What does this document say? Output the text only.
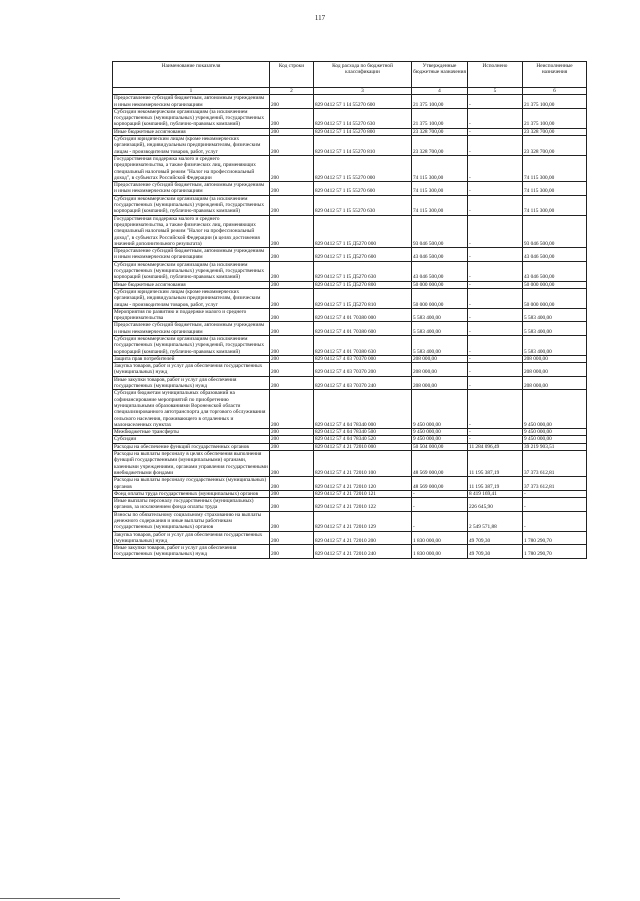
117
Наименование показателя	Код строки	Код расхода по бюджетной классификации	Утвержденные бюджетные назначения	Исполнено	Неисполненные назначения
1	2	3	4	5	6
Предоставление субсидий бюджетным, автономным учреждениям и иным некоммерческим организациям	200	829 0412 57 1 I4 55270 600	21 375 100,00	-	21 375 100,00
Субсидии некоммерческим организациям (за исключением государственных (муниципальных) учреждений, государственных корпораций (компаний), публично-правовых компаний)	200	829 0412 57 1 I4 55270 630	21 375 100,00	-	21 375 100,00
Иные бюджетные ассигнования	200	829 0412 57 1 I4 55270 800	23 328 700,00	-	23 328 700,00
Субсидии юридическим лицам (кроме некоммерческих организаций), индивидуальным предпринимателям, физическим лицам - производителям товаров, работ, услуг	200	829 0412 57 1 I4 55270 810	23 328 700,00	-	23 328 700,00
Государственная поддержка малого и среднего предпринимательства, а также физических лиц, применяющих специальный налоговый режим "Налог на профессиональный доход", в субъектах Российской Федерации	200	829 0412 57 1 I5 55270 000	74 115 300,00	-	74 115 300,00
Предоставление субсидий бюджетным, автономным учреждениям и иным некоммерческим организациям	200	829 0412 57 1 I5 55270 600	74 115 300,00	-	74 115 300,00
Субсидии некоммерческим организациям (за исключением государственных (муниципальных) учреждений, государственных корпораций (компаний), публично-правовых компаний)	200	829 0412 57 1 I5 55270 630	74 115 300,00	-	74 115 300,00
Государственная поддержка малого и среднего предпринимательства, а также физических лиц, применяющих специальный налоговый режим "Налог на профессиональный доход", в субъектах Российской Федерации (в целях достижения значений дополнительного результата)	200	829 0412 57 1 I5 Д5270 000	93 046 500,00	-	93 046 500,00
Предоставление субсидий бюджетным, автономным учреждениям и иным некоммерческим организациям	200	829 0412 57 1 I5 Д5270 600	43 046 500,00	-	43 046 500,00
Субсидии некоммерческим организациям (за исключением государственных (муниципальных) учреждений, государственных корпораций (компаний), публично-правовых компаний)	200	829 0412 57 1 I5 Д5270 630	43 046 500,00	-	43 046 500,00
Иные бюджетные ассигнования	200	829 0412 57 1 I5 Д5270 800	50 000 000,00	-	50 000 000,00
Субсидии юридическим лицам (кроме некоммерческих организаций), индивидуальным предпринимателям, физическим лицам - производителям товаров, работ, услуг	200	829 0412 57 1 I5 Д5270 810	50 000 000,00	-	50 000 000,00
Мероприятия по развитию и поддержке малого и среднего предпринимательства	200	829 0412 57 4 01 70380 000	5 583 400,00	-	5 583 400,00
Предоставление субсидий бюджетным, автономным учреждениям и иным некоммерческим организациям	200	829 0412 57 4 01 70380 600	5 583 400,00	-	5 583 400,00
Субсидии некоммерческим организациям (за исключением государственных (муниципальных) учреждений, государственных корпораций (компаний), публично-правовых компаний)	200	829 0412 57 4 01 70380 630	5 583 400,00	-	5 583 400,00
Защита прав потребителей	200	829 0412 57 4 03 70370 000	208 000,00	-	208 000,00
Закупка товаров, работ и услуг для обеспечения государственных (муниципальных) нужд	200	829 0412 57 4 03 70370 200	208 000,00	-	208 000,00
Иные закупки товаров, работ и услуг для обеспечения государственных (муниципальных) нужд	200	829 0412 57 4 03 70370 240	208 000,00	-	208 000,00
Субсидии бюджетам муниципальных образований на софинансирование мероприятий по приобретению муниципальными образованиями Воронежской области специализированного автотранспорта для торгового обслуживания сельского населения, проживающего в отдаленных и малонаселенных пунктах	200	829 0412 57 4 04 78340 000	9 450 000,00	-	9 450 000,00
Межбюджетные трансферты	200	829 0412 57 4 04 78340 500	9 450 000,00	-	9 450 000,00
Субсидии	200	829 0412 57 4 04 78340 520	9 450 000,00	-	9 450 000,00
Расходы на обеспечение функций государственных органов	200	829 0412 57 4 21 72010 000	50 504 000,00	11 284 096,49	39 219 903,51
Расходы на выплаты персоналу в целях обеспечения выполнения функций государственными (муниципальными) органами, казенными учреждениями, органами управления государственными внебюджетными фондами	200	829 0412 57 4 21 72010 100	48 569 000,00	11 195 387,19	37 373 612,81
Расходы на выплаты персоналу государственных (муниципальных) органов	200	829 0412 57 4 21 72010 120	48 569 000,00	11 195 387,19	37 373 612,81
Фонд оплаты труда государственных (муниципальных) органов	200	829 0412 57 4 21 72010 121	-	8 419 169,41	-
Иные выплаты персоналу государственных (муниципальных) органов, за исключением фонда оплаты труда	200	829 0412 57 4 21 72010 122	-	226 645,90	-
Взносы по обязательному социальному страхованию на выплаты денежного содержания и иные выплаты работникам государственных (муниципальных) органов	200	829 0412 57 4 21 72010 129	-	2 549 571,88	-
Закупка товаров, работ и услуг для обеспечения государственных (муниципальных) нужд	200	829 0412 57 4 21 72010 200	1 830 000,00	49 709,30	1 780 290,70
Иные закупки товаров, работ и услуг для обеспечения государственных (муниципальных) нужд	200	829 0412 57 4 21 72010 240	1 830 000,00	49 709,30	1 780 290,70
